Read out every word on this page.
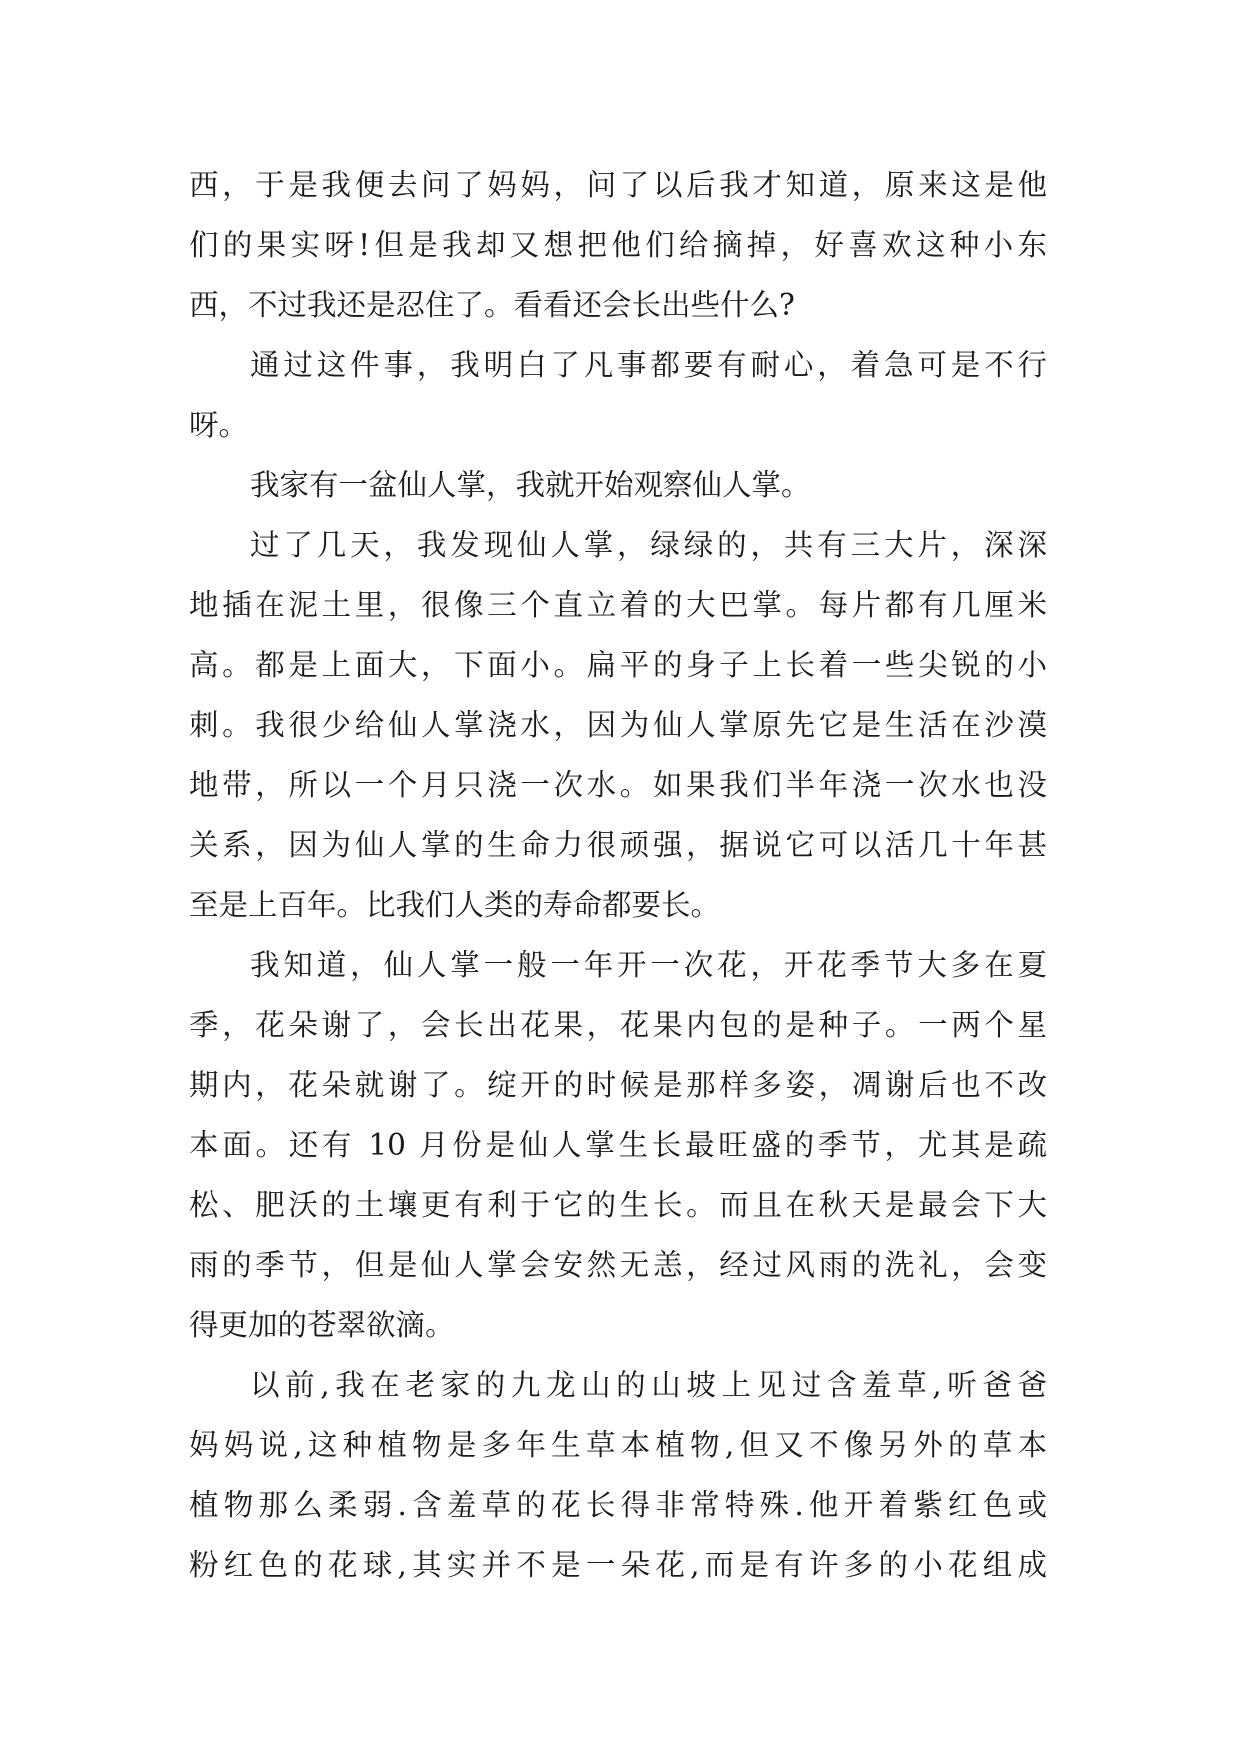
西，于是我便去问了妈妈，问了以后我才知道，原来这是他
们的果实呀!但是我却又想把他们给摘掉，好喜欢这种小东
西，不过我还是忍住了。看看还会长出些什么?
通过这件事，我明白了凡事都要有耐心，着急可是不行
呀。
我家有一盆仙人掌，我就开始观察仙人掌。
过了几天，我发现仙人掌，绿绿的，共有三大片，深深
地插在泥土里，很像三个直立着的大巴掌。每片都有几厘米
高。都是上面大，下面小。扁平的身子上长着一些尖锐的小
刺。我很少给仙人掌浇水，因为仙人掌原先它是生活在沙漠
地带，所以一个月只浇一次水。如果我们半年浇一次水也没
关系，因为仙人掌的生命力很顽强，据说它可以活几十年甚
至是上百年。比我们人类的寿命都要长。
我知道，仙人掌一般一年开一次花，开花季节大多在夏
季，花朵谢了，会长出花果，花果内包的是种子。一两个星
期内，花朵就谢了。绽开的时候是那样多姿，凋谢后也不改
本面。还有 10 月份是仙人掌生长最旺盛的季节，尤其是疏
松、肥沃的土壤更有利于它的生长。而且在秋天是最会下大
雨的季节，但是仙人掌会安然无恙，经过风雨的洗礼，会变
得更加的苍翠欲滴。
以前,我在老家的九龙山的山坡上见过含羞草,听爸爸
妈妈说,这种植物是多年生草本植物,但又不像另外的草本
植物那么柔弱.含羞草的花长得非常特殊.他开着紫红色或
粉红色的花球,其实并不是一朵花,而是有许多的小花组成
